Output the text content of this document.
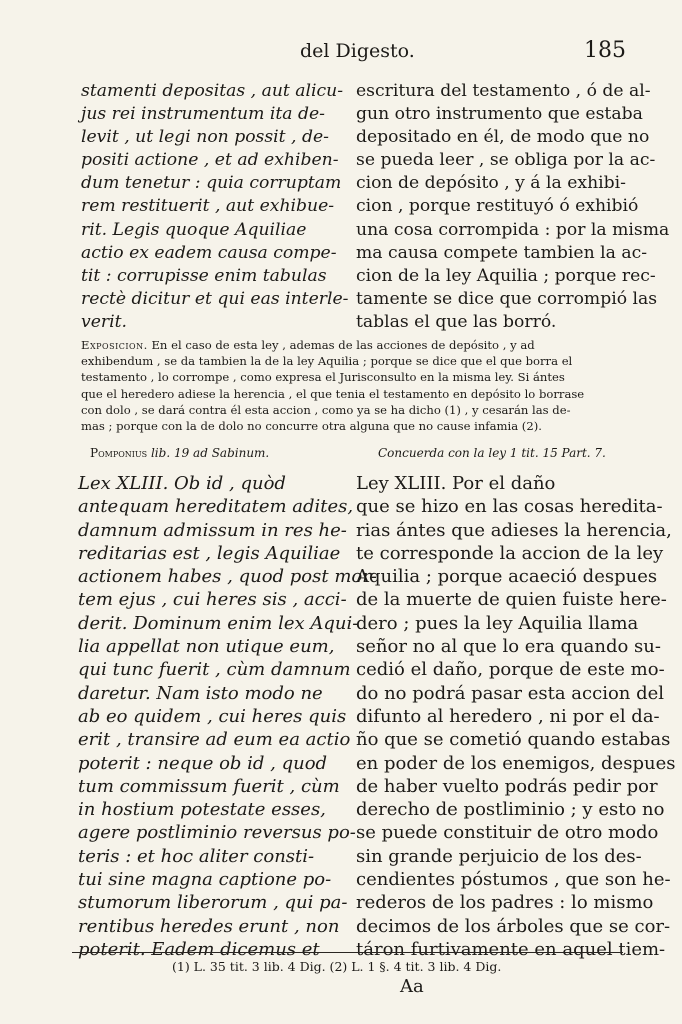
del Digesto.	185
stamenti depositas , aut alicu-
jus rei instrumentum ita de-
levit , ut legi non possit , de-
positi actione , et ad exhiben-
dum tenetur : quia corruptam
rem restituerit , aut exhibue-
rit. Legis quoque Aquiliae
actio ex eadem causa compe-
tit : corrupisse enim tabulas
rectè dicitur et qui eas interle-
verit.
escritura del testamento , ó de al-
gun otro instrumento que estaba
depositado en él, de modo que no
se pueda leer , se obliga por la ac-
cion de depósito , y á la exhibi-
cion , porque restituyó ó exhibió
una cosa corrompida : por la misma
ma causa compete tambien la ac-
cion de la ley Aquilia ; porque rec-
tamente se dice que corrompió las
tablas el que las borró.
Exposicion. En el caso de esta ley , ademas de las acciones de depósito , y ad
exhibendum , se da tambien la de la ley Aquilia ; porque se dice que el que borra el
testamento , lo corrompe , como expresa el Jurisconsulto en la misma ley. Si ántes
que el heredero adiese la herencia , el que tenia el testamento en depósito lo borrase
con dolo , se dará contra él esta accion , como ya se ha dicho (1) , y cesarán las de-
mas ; porque con la de dolo no concurre otra alguna que no cause infamia (2).
Pomponius lib. 19 ad Sabinum.	Concuerda con la ley 1 tit. 15 Part. 7.
Lex XLIII. Ob id , quòd
antequam hereditatem adites,
damnum admissum in res he-
reditarias est , legis Aquiliae
actionem habes , quod post mor-
tem ejus , cui heres sis , acci-
derit. Dominum enim lex Aqui-
lia appellat non utique eum,
qui tunc fuerit , cùm damnum
daretur. Nam isto modo ne
ab eo quidem , cui heres quis
erit , transire ad eum ea actio
poterit : neque ob id , quod
tum commissum fuerit , cùm
in hostium potestate esses,
agere postliminio reversus po-
teris : et hoc aliter consti-
tui sine magna captione po-
stumorum liberorum , qui pa-
rentibus heredes erunt , non
poterit. Eadem dicemus et
Ley XLIII. Por el daño
que se hizo en las cosas heredita-
rias ántes que adieses la herencia,
te corresponde la accion de la ley
Aquilia ; porque acaeció despues
de la muerte de quien fuiste here-
dero ; pues la ley Aquilia llama
señor no al que lo era quando su-
cedió el daño, porque de este mo-
do no podrá pasar esta accion del
difunto al heredero , ni por el da-
ño que se cometió quando estabas
en poder de los enemigos, despues
de haber vuelto podrás pedir por
derecho de postliminio ; y esto no
se puede constituir de otro modo
sin grande perjuicio de los des-
cendientes póstumos , que son he-
rederos de los padres : lo mismo
decimos de los árboles que se cor-
táron furtivamente en aquel tiem-
(1) L. 35 tit. 3 lib. 4 Dig. (2) L. 1 §. 4 tit. 3 lib. 4 Dig.
Aa
